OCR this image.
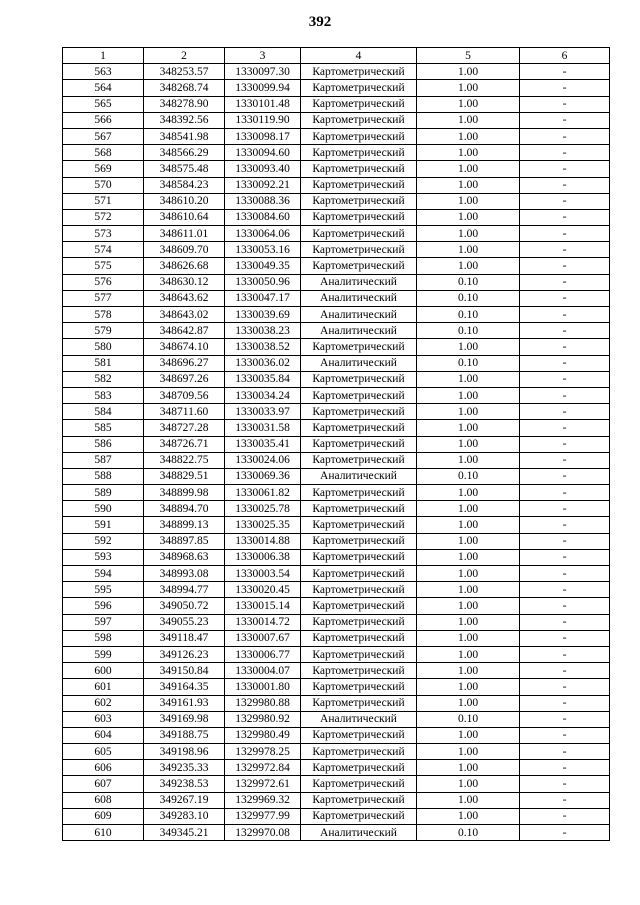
392
1	2	3	4	5	6
563	348253.57	1330097.30	Картометрический	1.00	-
564	348268.74	1330099.94	Картометрический	1.00	-
565	348278.90	1330101.48	Картометрический	1.00	-
566	348392.56	1330119.90	Картометрический	1.00	-
567	348541.98	1330098.17	Картометрический	1.00	-
568	348566.29	1330094.60	Картометрический	1.00	-
569	348575.48	1330093.40	Картометрический	1.00	-
570	348584.23	1330092.21	Картометрический	1.00	-
571	348610.20	1330088.36	Картометрический	1.00	-
572	348610.64	1330084.60	Картометрический	1.00	-
573	348611.01	1330064.06	Картометрический	1.00	-
574	348609.70	1330053.16	Картометрический	1.00	-
575	348626.68	1330049.35	Картометрический	1.00	-
576	348630.12	1330050.96	Аналитический	0.10	-
577	348643.62	1330047.17	Аналитический	0.10	-
578	348643.02	1330039.69	Аналитический	0.10	-
579	348642.87	1330038.23	Аналитический	0.10	-
580	348674.10	1330038.52	Картометрический	1.00	-
581	348696.27	1330036.02	Аналитический	0.10	-
582	348697.26	1330035.84	Картометрический	1.00	-
583	348709.56	1330034.24	Картометрический	1.00	-
584	348711.60	1330033.97	Картометрический	1.00	-
585	348727.28	1330031.58	Картометрический	1.00	-
586	348726.71	1330035.41	Картометрический	1.00	-
587	348822.75	1330024.06	Картометрический	1.00	-
588	348829.51	1330069.36	Аналитический	0.10	-
589	348899.98	1330061.82	Картометрический	1.00	-
590	348894.70	1330025.78	Картометрический	1.00	-
591	348899.13	1330025.35	Картометрический	1.00	-
592	348897.85	1330014.88	Картометрический	1.00	-
593	348968.63	1330006.38	Картометрический	1.00	-
594	348993.08	1330003.54	Картометрический	1.00	-
595	348994.77	1330020.45	Картометрический	1.00	-
596	349050.72	1330015.14	Картометрический	1.00	-
597	349055.23	1330014.72	Картометрический	1.00	-
598	349118.47	1330007.67	Картометрический	1.00	-
599	349126.23	1330006.77	Картометрический	1.00	-
600	349150.84	1330004.07	Картометрический	1.00	-
601	349164.35	1330001.80	Картометрический	1.00	-
602	349161.93	1329980.88	Картометрический	1.00	-
603	349169.98	1329980.92	Аналитический	0.10	-
604	349188.75	1329980.49	Картометрический	1.00	-
605	349198.96	1329978.25	Картометрический	1.00	-
606	349235.33	1329972.84	Картометрический	1.00	-
607	349238.53	1329972.61	Картометрический	1.00	-
608	349267.19	1329969.32	Картометрический	1.00	-
609	349283.10	1329977.99	Картометрический	1.00	-
610	349345.21	1329970.08	Аналитический	0.10	-
